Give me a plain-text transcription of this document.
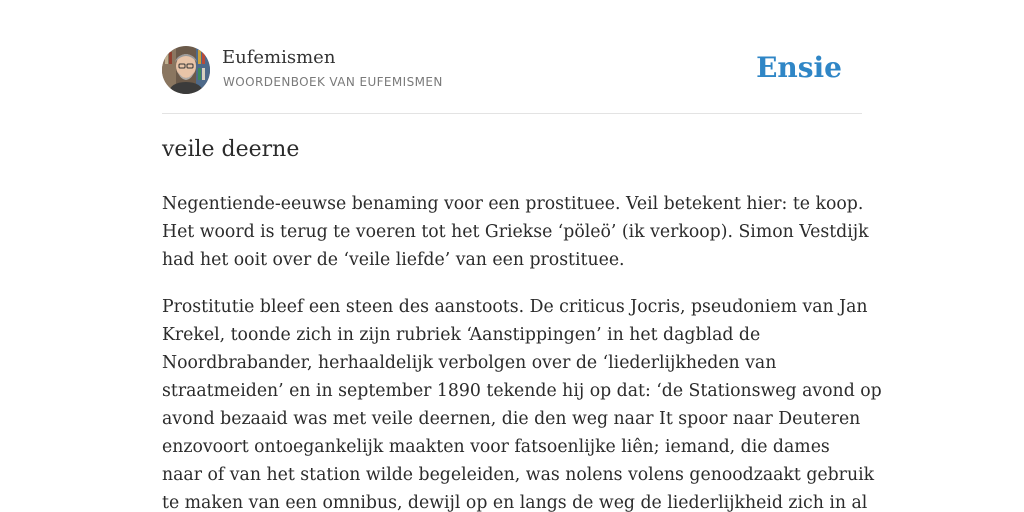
Eufemismen
WOORDENBOEK VAN EUFEMISMEN	Ensie
veile deerne

Negentiende-eeuwse benaming voor een prostituee. Veil betekent hier: te koop.
Het woord is terug te voeren tot het Griekse ‘pöleö’ (ik verkoop). Simon Vestdijk
had het ooit over de ‘veile liefde’ van een prostituee.

Prostitutie bleef een steen des aanstoots. De criticus Jocris, pseudoniem van Jan
Krekel, toonde zich in zijn rubriek ‘Aanstippingen’ in het dagblad de
Noordbrabander, herhaaldelijk verbolgen over de ‘liederlijkheden van
straatmeiden’ en in september 1890 tekende hij op dat: ‘de Stationsweg avond op
avond bezaaid was met veile deernen, die den weg naar It spoor naar Deuteren
enzovoort ontoegankelijk maakten voor fatsoenlijke liên; iemand, die dames
naar of van het station wilde begeleiden, was nolens volens genoodzaakt gebruik
te maken van een omnibus, dewijl op en langs de weg de liederlijkheid zich in al
